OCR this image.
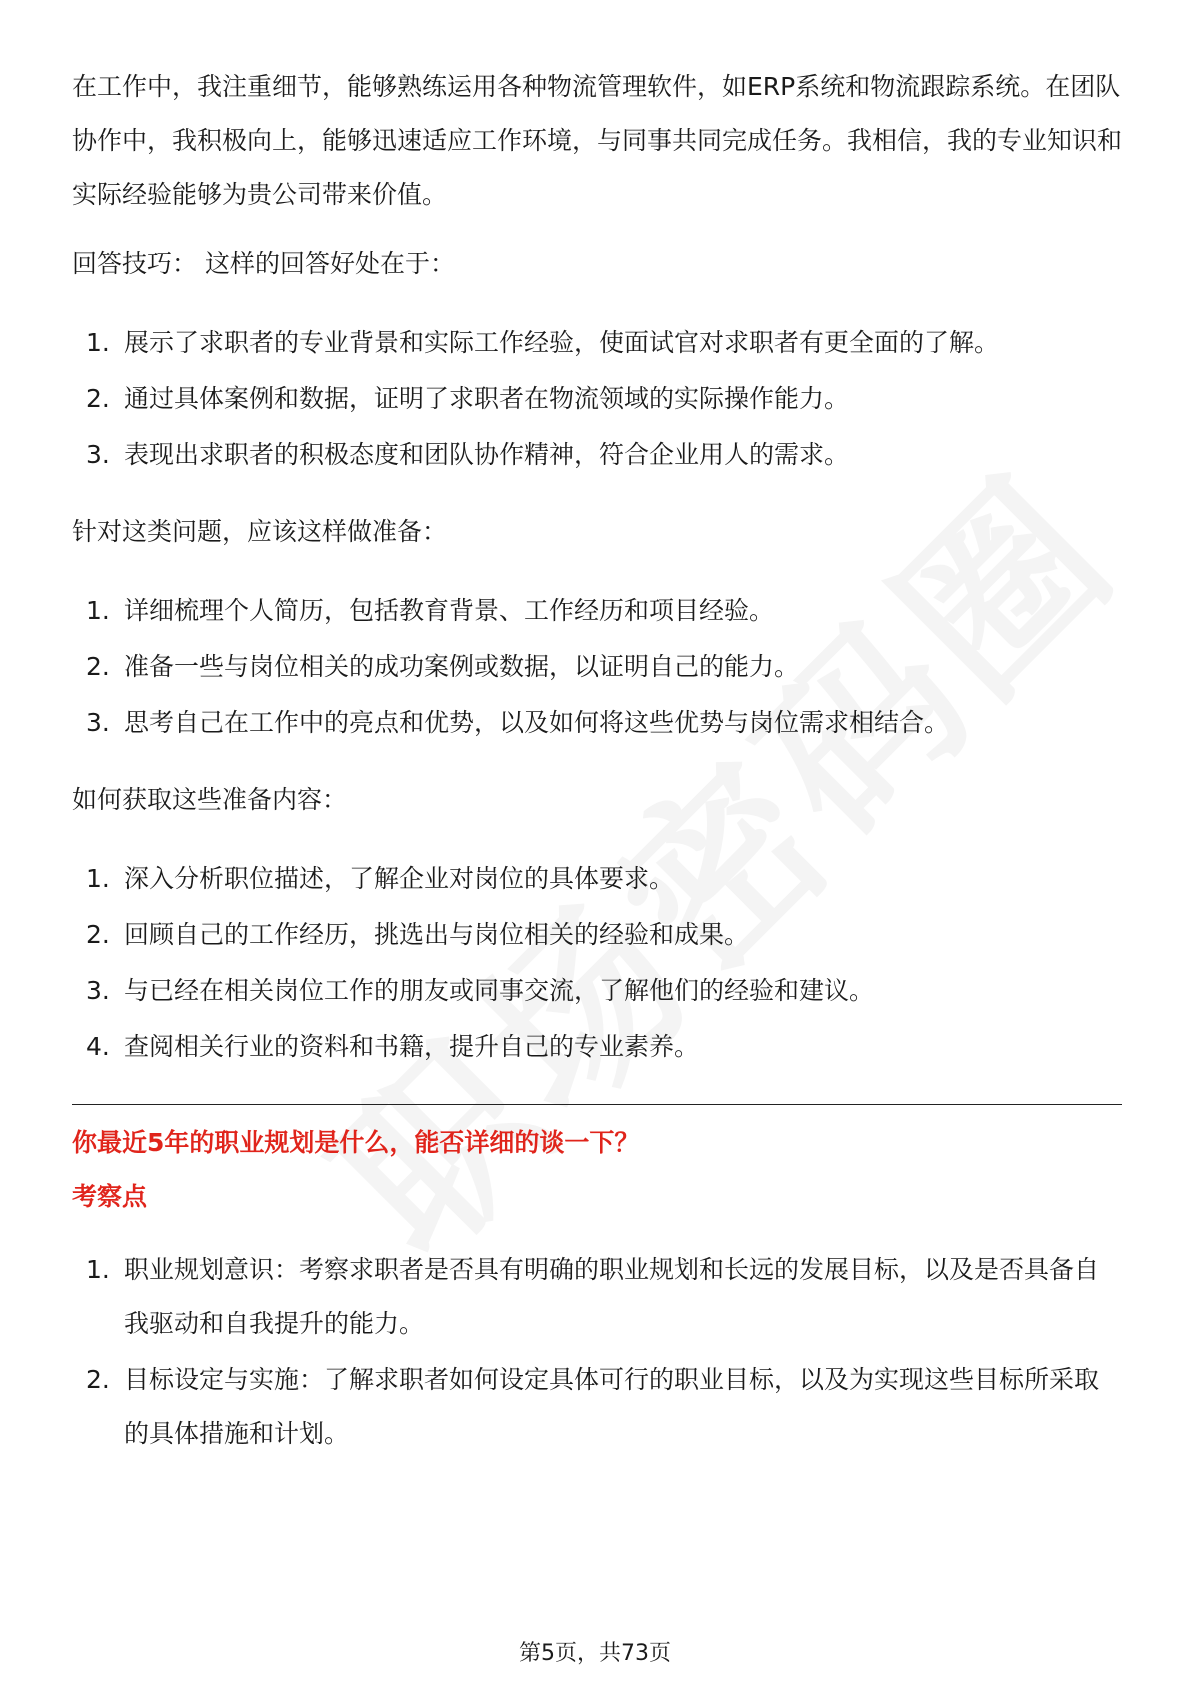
在工作中，我注重细节，能够熟练运用各种物流管理软件，如ERP系统和物流跟踪系统。在团队协作中，我积极向上，能够迅速适应工作环境，与同事共同完成任务。我相信，我的专业知识和实际经验能够为贵公司带来价值。

回答技巧： 这样的回答好处在于：

1. 展示了求职者的专业背景和实际工作经验，使面试官对求职者有更全面的了解。
2. 通过具体案例和数据，证明了求职者在物流领域的实际操作能力。
3. 表现出求职者的积极态度和团队协作精神，符合企业用人的需求。

针对这类问题，应该这样做准备：

1. 详细梳理个人简历，包括教育背景、工作经历和项目经验。
2. 准备一些与岗位相关的成功案例或数据，以证明自己的能力。
3. 思考自己在工作中的亮点和优势，以及如何将这些优势与岗位需求相结合。

如何获取这些准备内容：

1. 深入分析职位描述，了解企业对岗位的具体要求。
2. 回顾自己的工作经历，挑选出与岗位相关的经验和成果。
3. 与已经在相关岗位工作的朋友或同事交流，了解他们的经验和建议。
4. 查阅相关行业的资料和书籍，提升自己的专业素养。

你最近5年的职业规划是什么，能否详细的谈一下？

考察点

1. 职业规划意识：考察求职者是否具有明确的职业规划和长远的发展目标，以及是否具备自我驱动和自我提升的能力。
2. 目标设定与实施：了解求职者如何设定具体可行的职业目标，以及为实现这些目标所采取的具体措施和计划。
第5页，共73页
